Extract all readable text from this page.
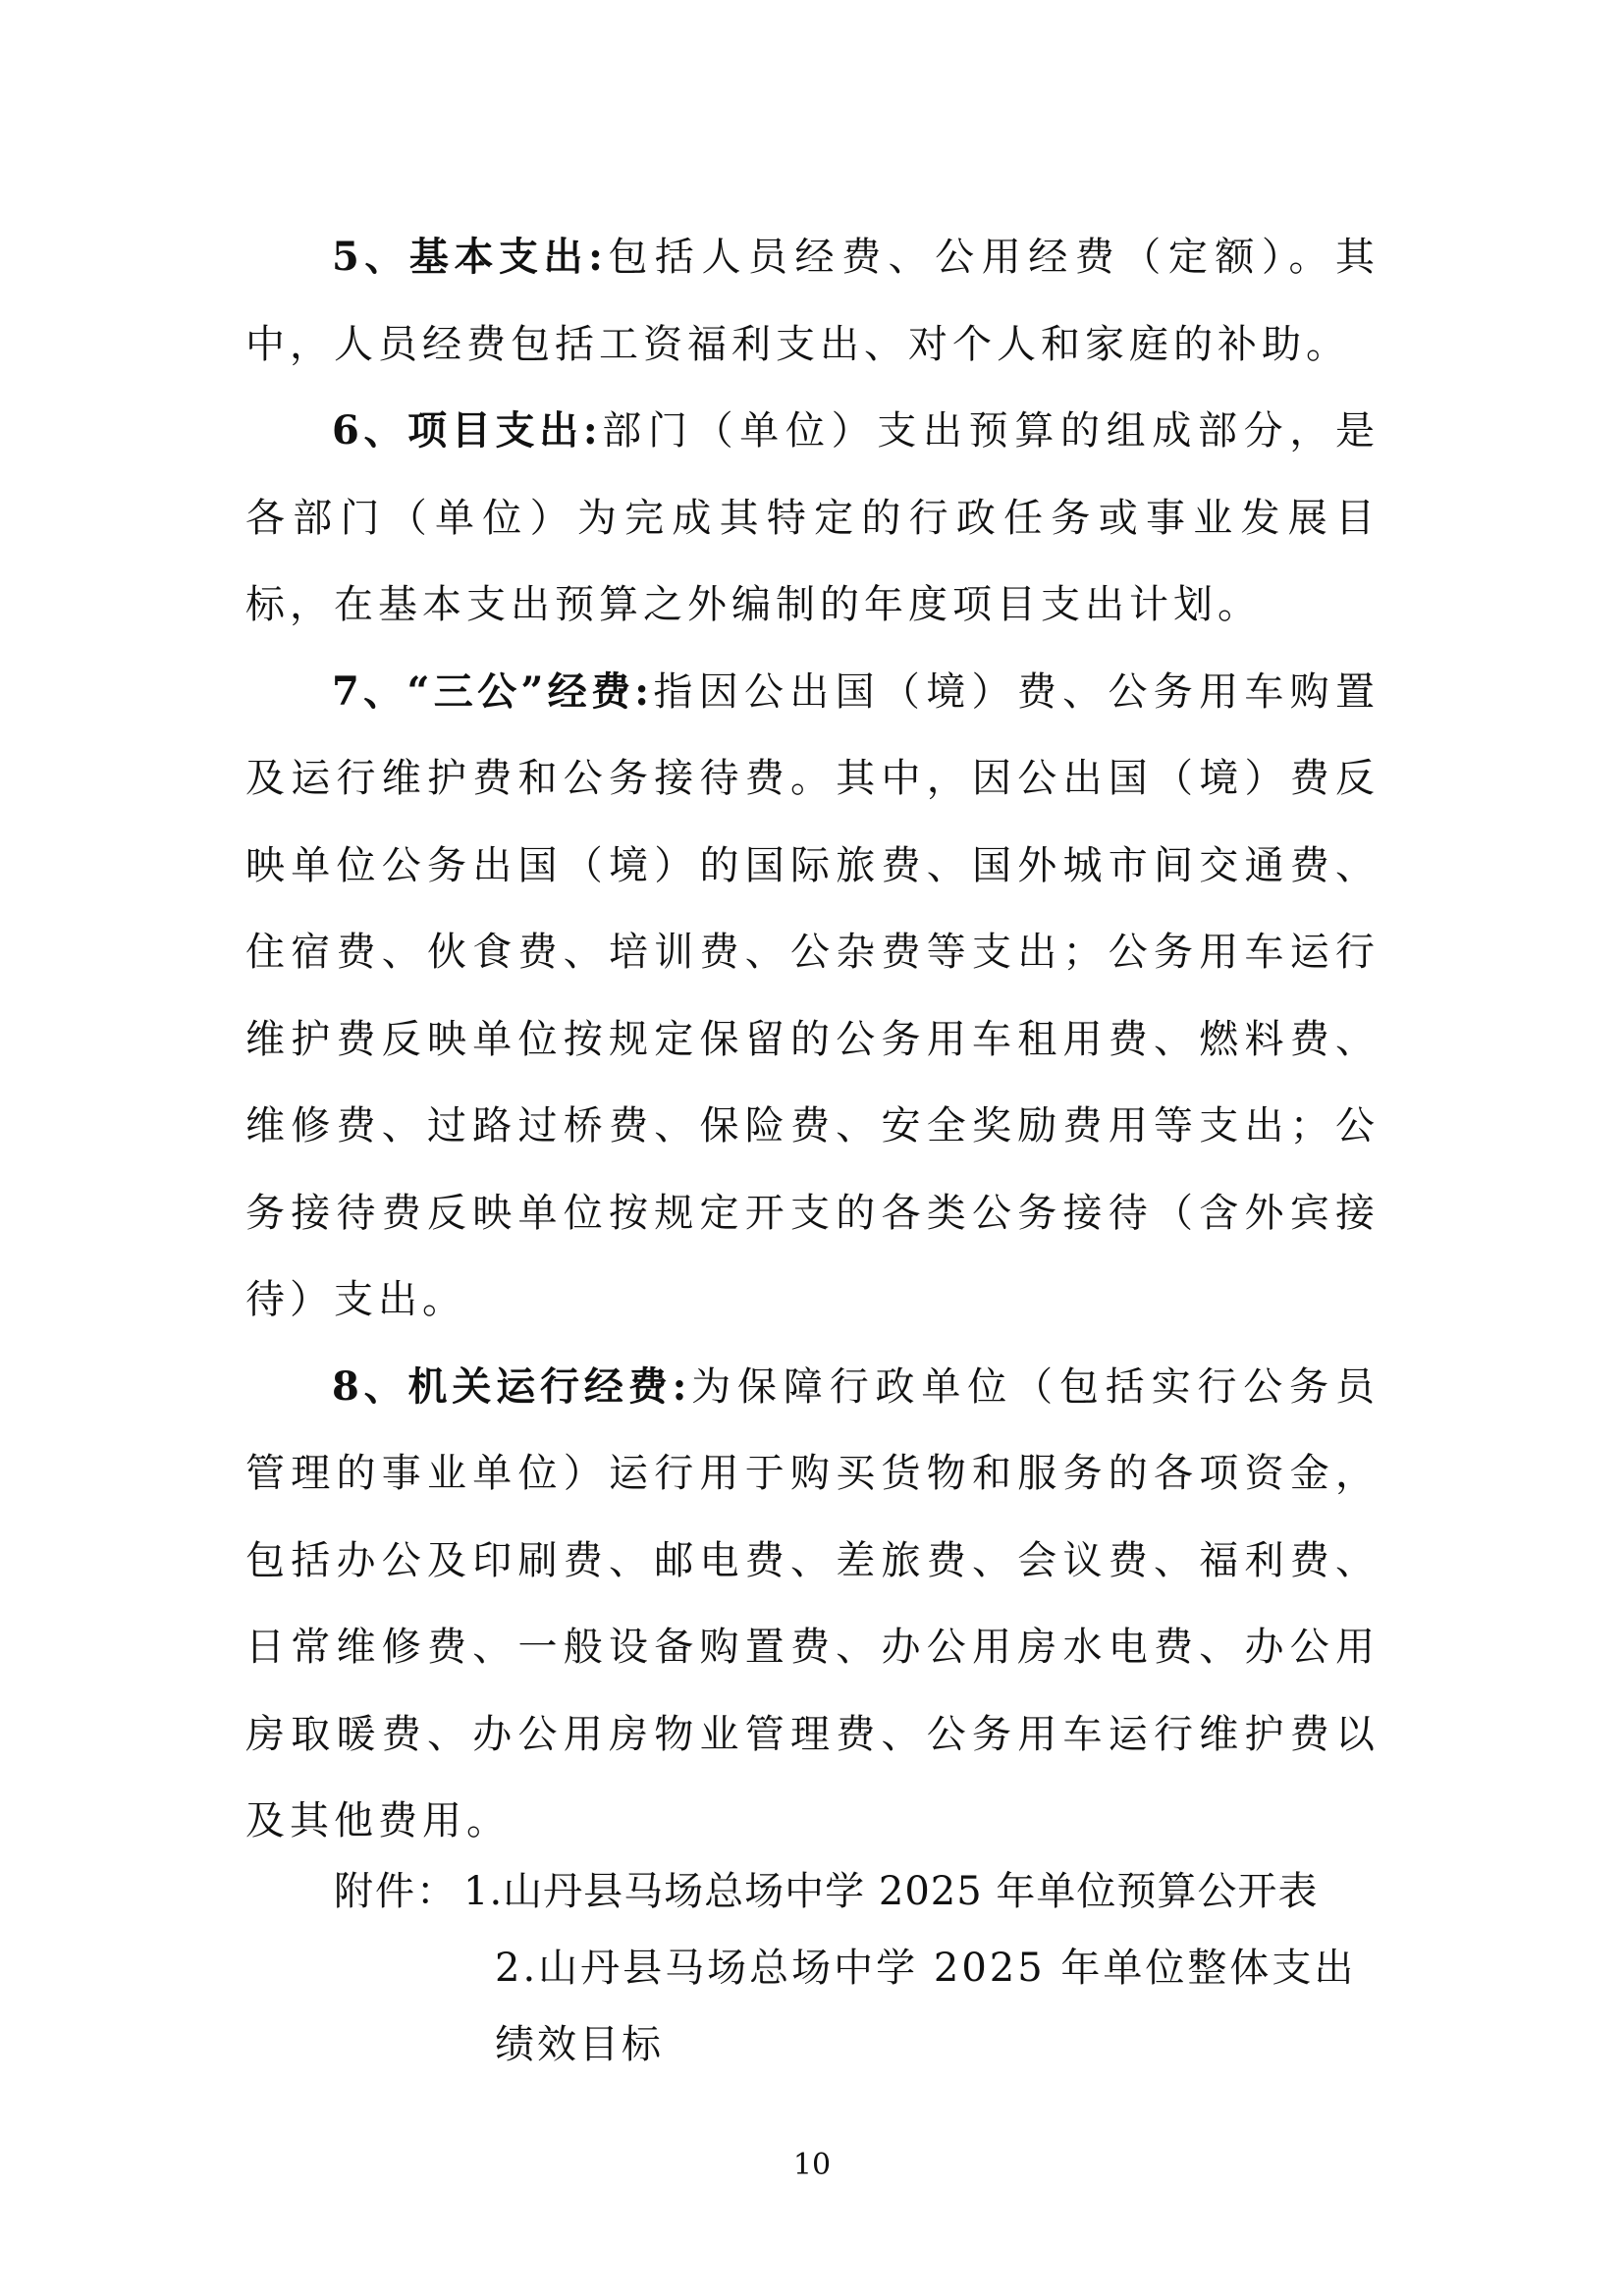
5、基本支出:包括人员经费、公用经费（定额）。其中，人员经费包括工资福利支出、对个人和家庭的补助。

6、项目支出:部门（单位）支出预算的组成部分，是各部门（单位）为完成其特定的行政任务或事业发展目标，在基本支出预算之外编制的年度项目支出计划。

7、“三公”经费:指因公出国（境）费、公务用车购置及运行维护费和公务接待费。其中，因公出国（境）费反映单位公务出国（境）的国际旅费、国外城市间交通费、住宿费、伙食费、培训费、公杂费等支出；公务用车运行维护费反映单位按规定保留的公务用车租用费、燃料费、维修费、过路过桥费、保险费、安全奖励费用等支出；公务接待费反映单位按规定开支的各类公务接待（含外宾接待）支出。

8、机关运行经费:为保障行政单位（包括实行公务员管理的事业单位）运行用于购买货物和服务的各项资金，包括办公及印刷费、邮电费、差旅费、会议费、福利费、日常维修费、一般设备购置费、办公用房水电费、办公用房取暖费、办公用房物业管理费、公务用车运行维护费以及其他费用。

附件： 1.山丹县马场总场中学 2025 年单位预算公开表
2.山丹县马场总场中学 2025 年单位整体支出绩效目标
10
